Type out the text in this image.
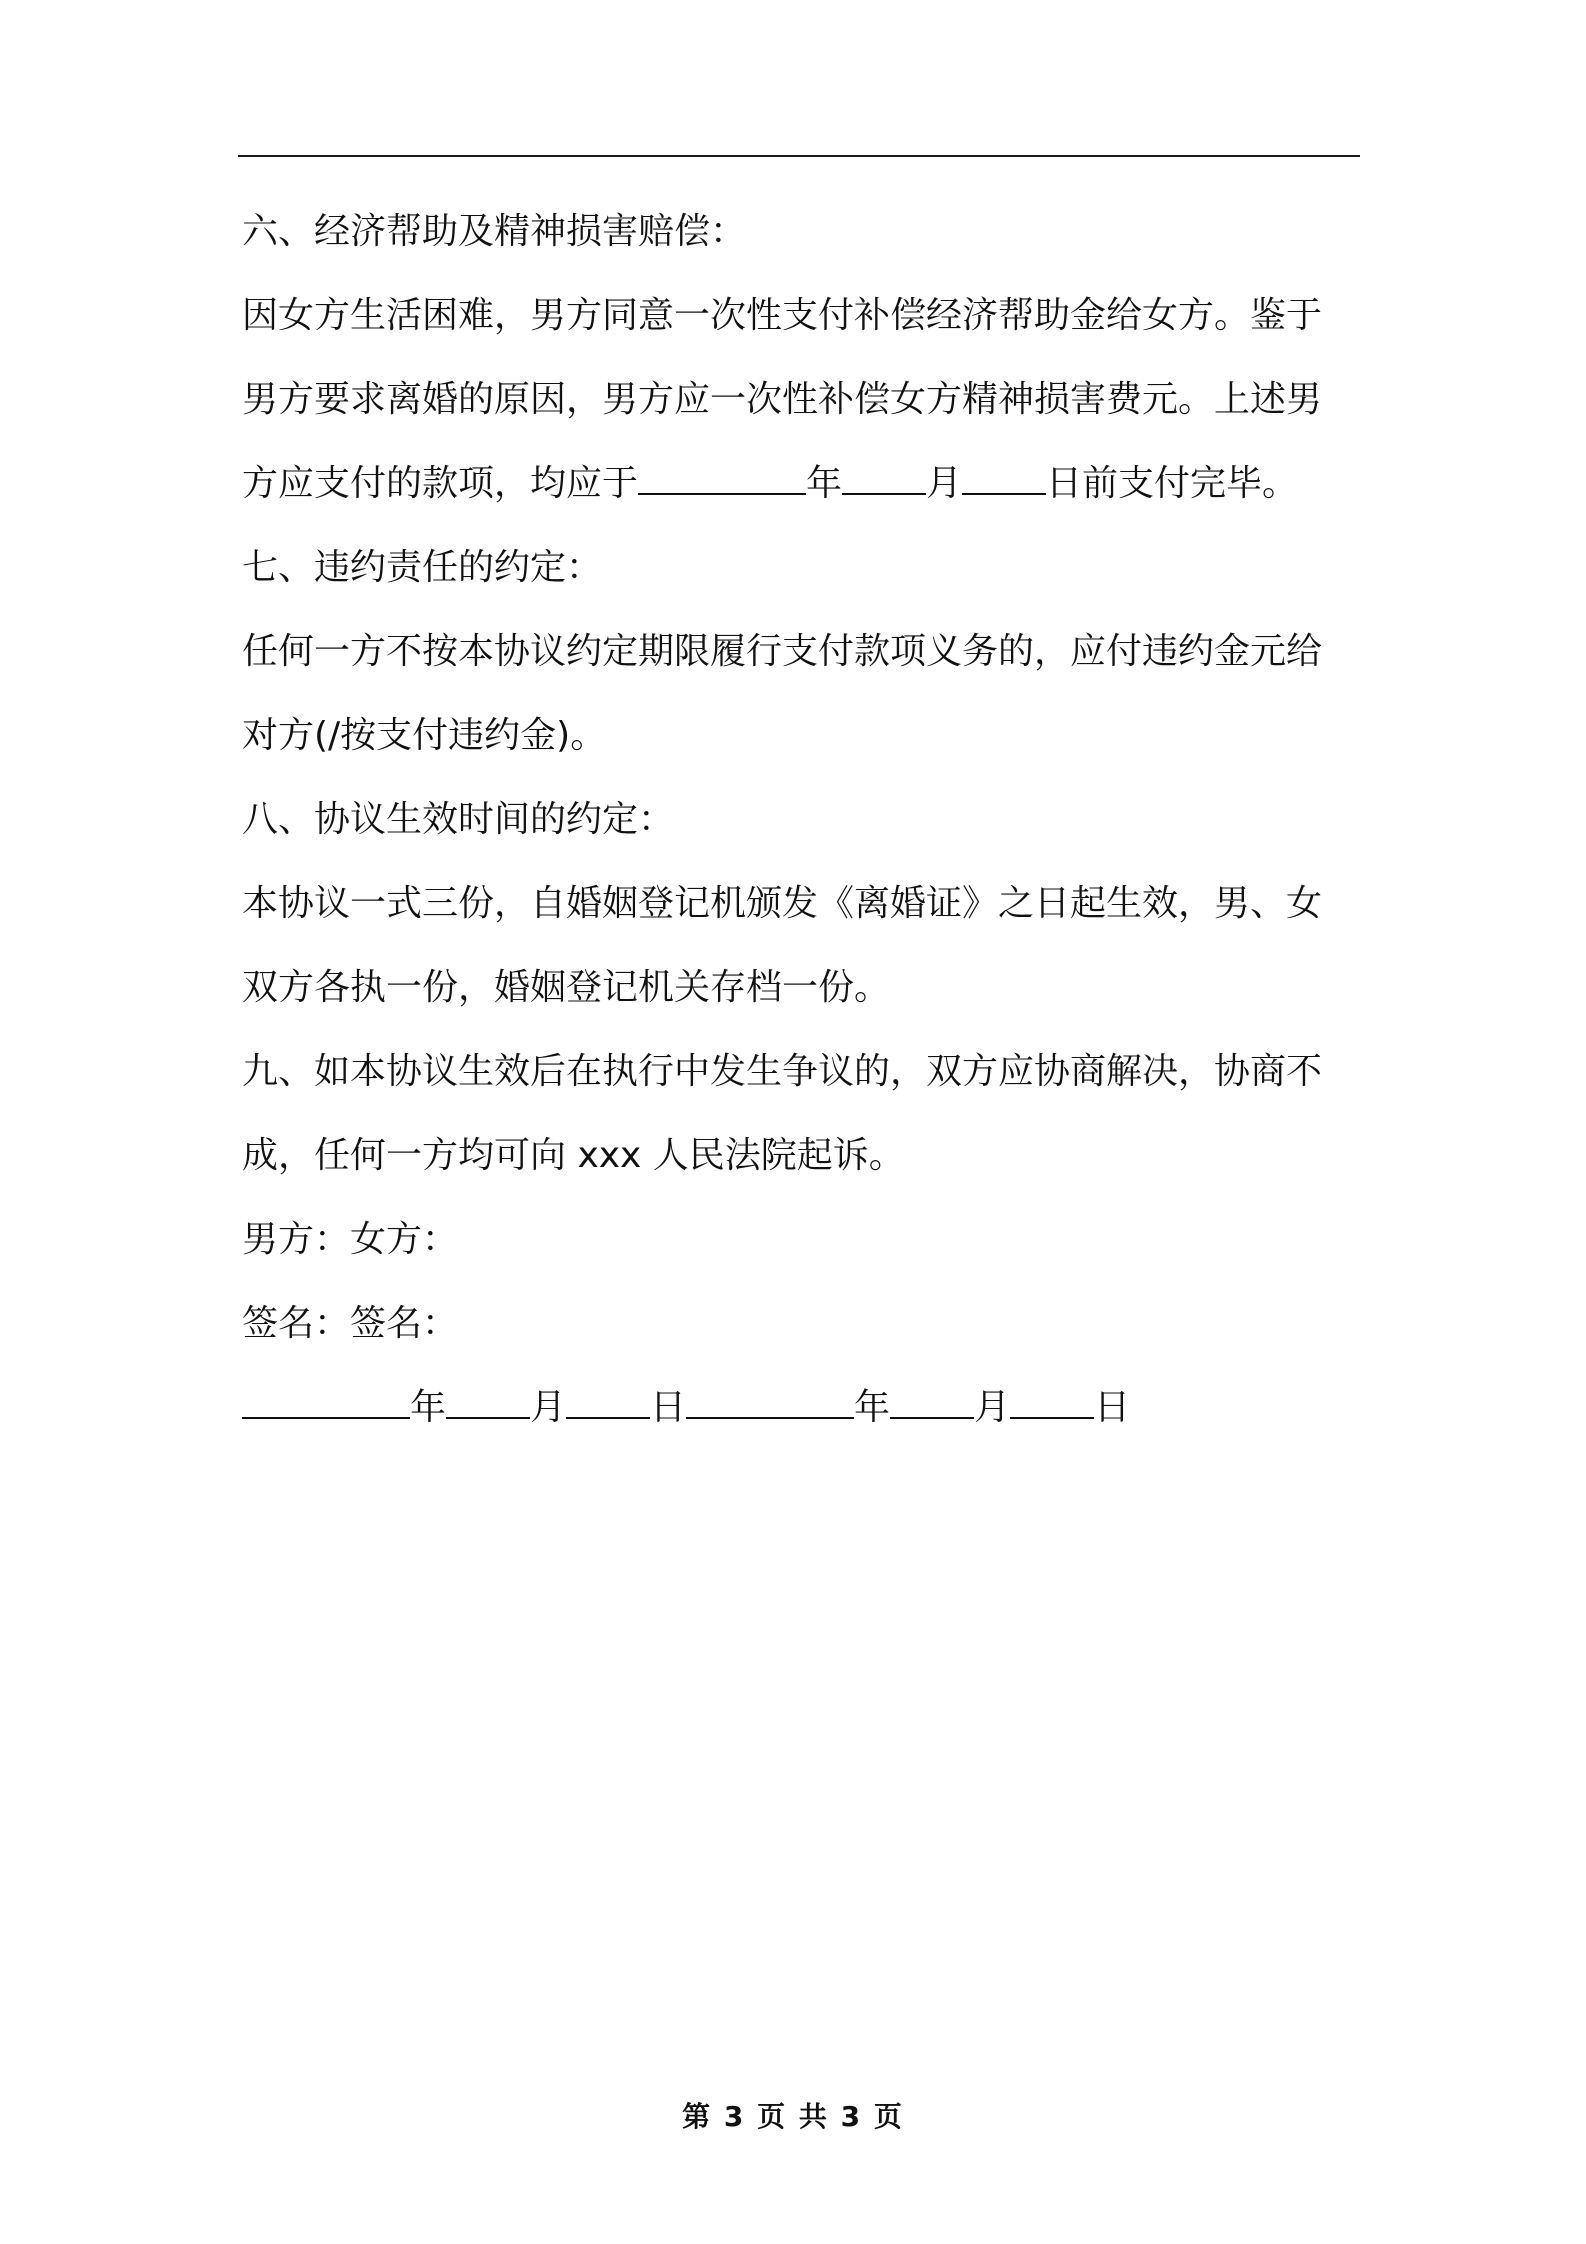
六、经济帮助及精神损害赔偿：
因女方生活困难，男方同意一次性支付补偿经济帮助金给女方。鉴于
男方要求离婚的原因，男方应一次性补偿女方精神损害费元。上述男
方应支付的款项，均应于	年 月 日前支付完毕。
七、违约责任的约定：
任何一方不按本协议约定期限履行支付款项义务的，应付违约金元给
对方(/按支付违约金)。
八、协议生效时间的约定：
本协议一式三份，自婚姻登记机颁发《离婚证》之日起生效，男、女
双方各执一份，婚姻登记机关存档一份。
九、如本协议生效后在执行中发生争议的，双方应协商解决，协商不
成，任何一方均可向 xxx 人民法院起诉。
男方：女方：
签名：签名：
年 月 日	年 月 日
第 3 页 共 3 页
